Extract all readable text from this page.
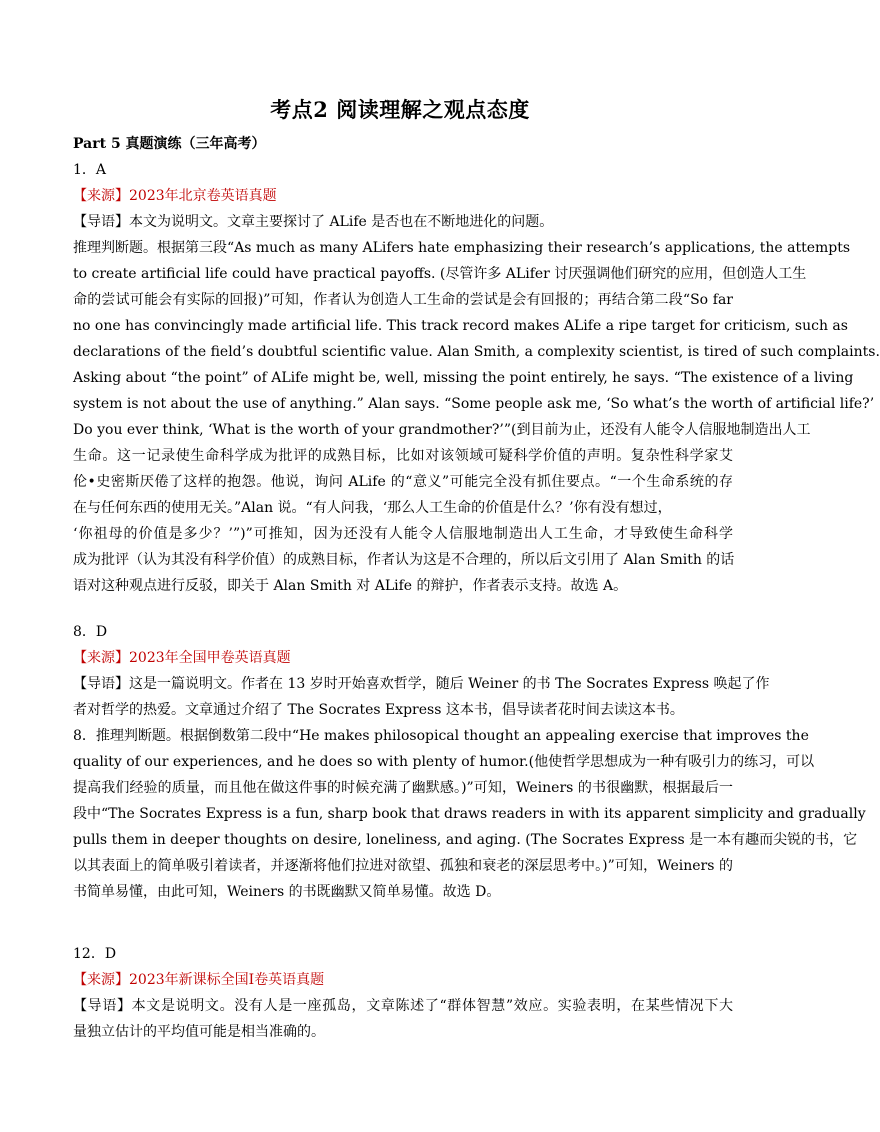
考点2 阅读理解之观点态度
Part 5 真题演练（三年高考）
1．A
【来源】2023年北京卷英语真题
【导语】本文为说明文。文章主要探讨了 ALife 是否也在不断地进化的问题。
推理判断题。根据第三段“As much as many ALifers hate emphasizing their research’s applications, the attempts
to create artificial life could have practical payoffs. (尽管许多 ALifer 讨厌强调他们研究的应用，但创造人工生
命的尝试可能会有实际的回报)”可知，作者认为创造人工生命的尝试是会有回报的；再结合第二段“So far
no one has convincingly made artificial life. This track record makes ALife a ripe target for criticism, such as
declarations of the field’s doubtful scientific value. Alan Smith, a complexity scientist, is tired of such complaints.
Asking about “the point” of ALife might be, well, missing the point entirely, he says. “The existence of a living
system is not about the use of anything.” Alan says. “Some people ask me, ‘So what’s the worth of artificial life?’
Do you ever think, ‘What is the worth of your grandmother?’”(到目前为止，还没有人能令人信服地制造出人工
生命。这一记录使生命科学成为批评的成熟目标，比如对该领域可疑科学价值的声明。复杂性科学家艾
伦•史密斯厌倦了这样的抱怨。他说，询问 ALife 的“意义”可能完全没有抓住要点。“一个生命系统的存
在与任何东西的使用无关。”Alan 说。“有人问我，‘那么人工生命的价值是什么？’你有没有想过，
‘你祖母的价值是多少？’”)”可推知，因为还没有人能令人信服地制造出人工生命，才导致使生命科学
成为批评（认为其没有科学价值）的成熟目标，作者认为这是不合理的，所以后文引用了 Alan Smith 的话
语对这种观点进行反驳，即关于 Alan Smith 对 ALife 的辩护，作者表示支持。故选 A。
8．D
【来源】2023年全国甲卷英语真题
【导语】这是一篇说明文。作者在 13 岁时开始喜欢哲学，随后 Weiner 的书 The Socrates Express 唤起了作
者对哲学的热爱。文章通过介绍了 The Socrates Express 这本书，倡导读者花时间去读这本书。
8．推理判断题。根据倒数第二段中“He makes philosopical thought an appealing exercise that improves the
quality of our experiences, and he does so with plenty of humor.(他使哲学思想成为一种有吸引力的练习，可以
提高我们经验的质量，而且他在做这件事的时候充满了幽默感。)”可知，Weiners 的书很幽默，根据最后一
段中“The Socrates Express is a fun, sharp book that draws readers in with its apparent simplicity and gradually
pulls them in deeper thoughts on desire, loneliness, and aging. (The Socrates Express 是一本有趣而尖锐的书，它
以其表面上的简单吸引着读者，并逐渐将他们拉进对欲望、孤独和衰老的深层思考中。)”可知，Weiners 的
书简单易懂，由此可知，Weiners 的书既幽默又简单易懂。故选 D。
12．D
【来源】2023年新课标全国Ⅰ卷英语真题
【导语】本文是说明文。没有人是一座孤岛，文章陈述了“群体智慧”效应。实验表明，在某些情况下大
量独立估计的平均值可能是相当准确的。
